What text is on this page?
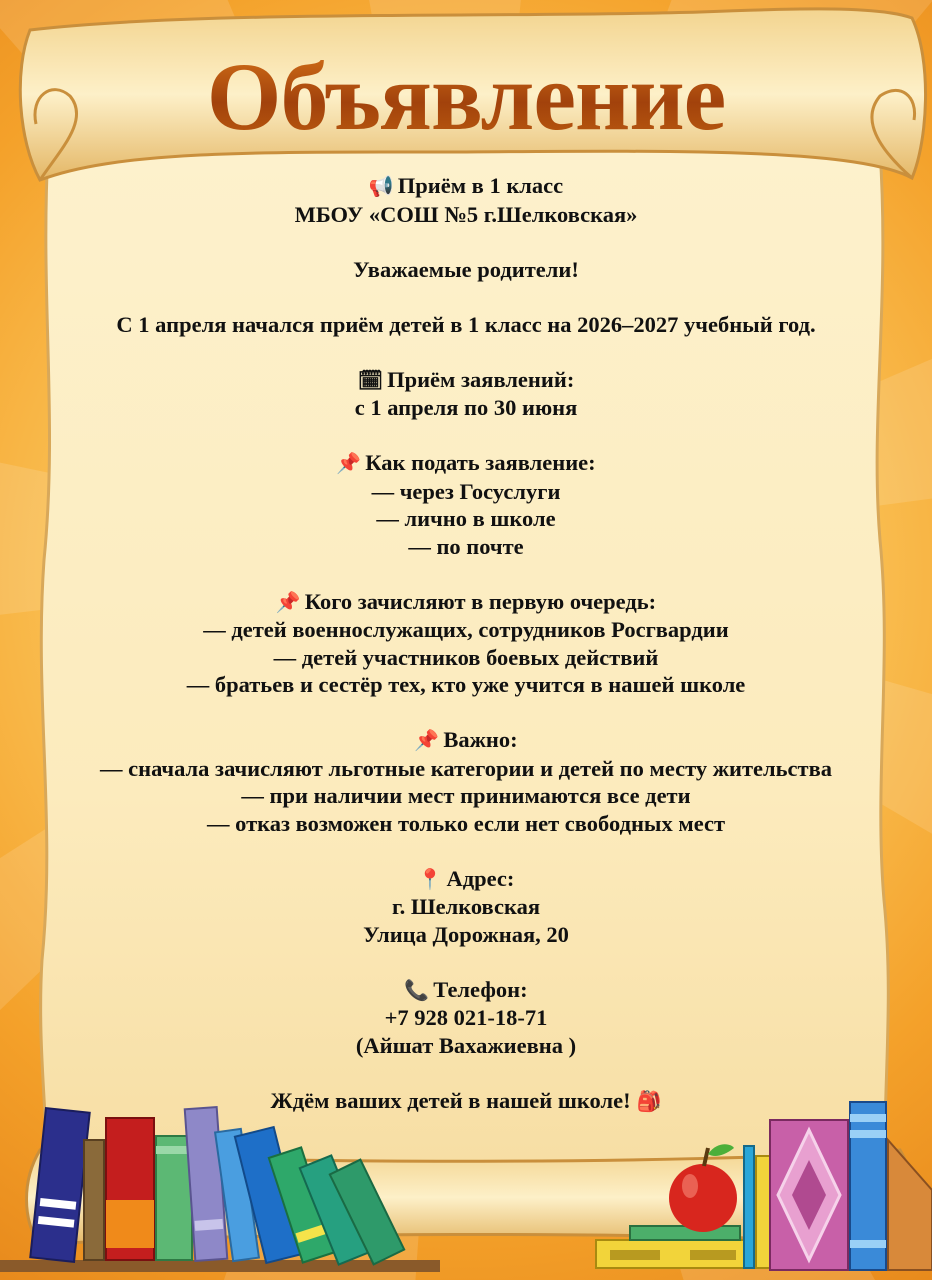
Объявление

📢 Приём в 1 класс

МБОУ «СОШ №5 г.Шелковская»

Уважаемые родители!

С 1 апреля начался приём детей в 1 класс на 2026–2027 учебный год.

🗓 Приём заявлений:

с 1 апреля по 30 июня

📌 Как подать заявление:

— через Госуслуги

— лично в школе

— по почте

📌 Кого зачисляют в первую очередь:

— детей военнослужащих, сотрудников Росгвардии

— детей участников боевых действий

— братьев и сестёр тех, кто уже учится в нашей школе

📌 Важно:

— сначала зачисляют льготные категории и детей по месту жительства

— при наличии мест принимаются все дети

— отказ возможен только если нет свободных мест

📍 Адрес:

г. Шелковская

Улица Дорожная, 20

📞 Телефон:

+7 928 021-18-71

(Айшат Вахажиевна )

Ждём ваших детей в нашей школе! 🎒
